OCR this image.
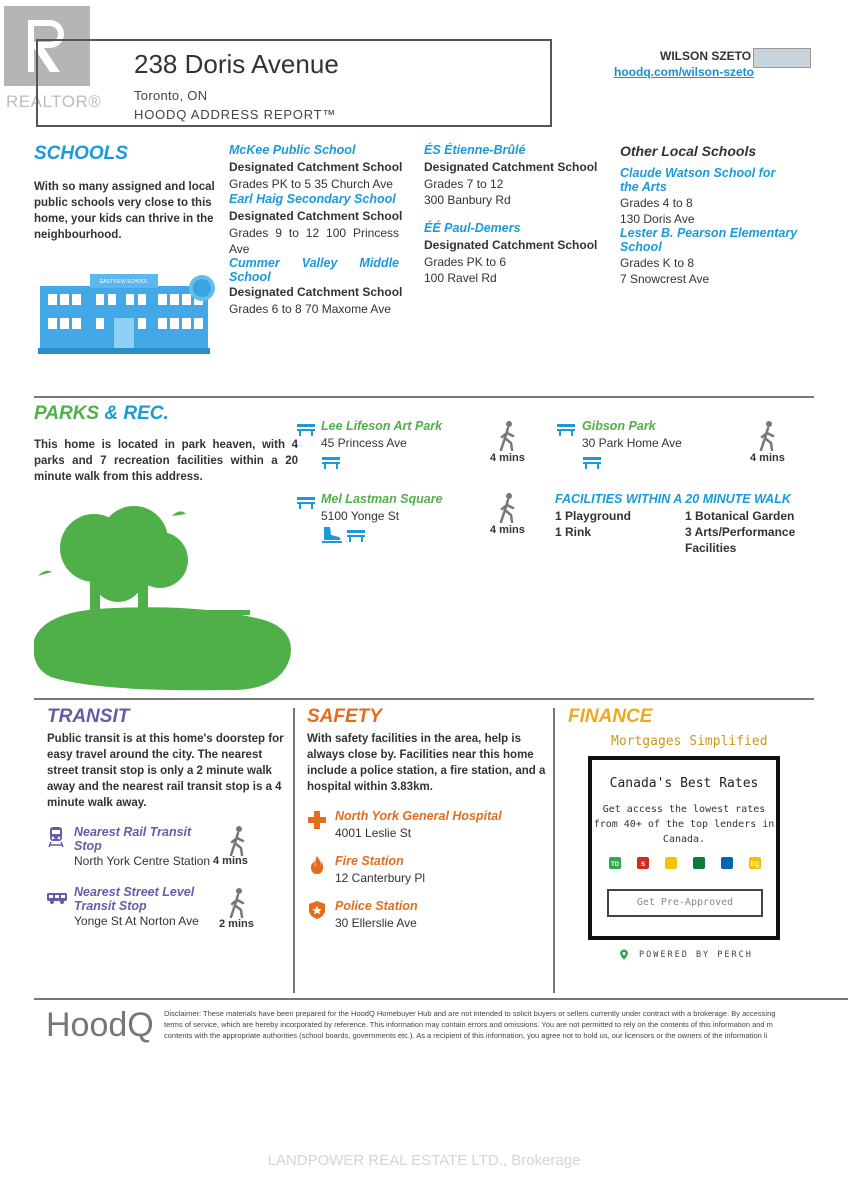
REALTOR®
238 Doris Avenue
Toronto, ON
HOODQ ADDRESS REPORT™
WILSON SZETO
hoodq.com/wilson-szeto
SCHOOLS
With so many assigned and local public schools very close to this home, your kids can thrive in the neighbourhood.
EASTVIEW SCHOOL
McKee Public School
Designated Catchment School
Grades PK to 5 35 Church Ave
Earl Haig Secondary School
Designated Catchment School
Grades 9 to 12 100 Princess Ave
Cummer Valley Middle School
Designated Catchment School
Grades 6 to 8 70 Maxome Ave
ÉS Étienne-Brûlé
Designated Catchment School
Grades 7 to 12
300 Banbury Rd
ÉÉ Paul-Demers
Designated Catchment School
Grades PK to 6
100 Ravel Rd
Other Local Schools
Claude Watson School for the Arts
Grades 4 to 8
130 Doris Ave
Lester B. Pearson Elementary School
Grades K to 8
7 Snowcrest Ave
PARKS & REC.
This home is located in park heaven, with 4 parks and 7 recreation facilities within a 20 minute walk from this address.
Lee Lifeson Art Park
45 Princess Ave
4 mins
Gibson Park
30 Park Home Ave
4 mins
Mel Lastman Square
5100 Yonge St
4 mins
FACILITIES WITHIN A 20 MINUTE WALK
1 Playground
1 Rink
1 Botanical Garden
3 Arts/Performance
Facilities
TRANSIT
Public transit is at this home's doorstep for easy travel around the city. The nearest street transit stop is only a 2 minute walk away and the nearest rail transit stop is a 4 minute walk away.
Nearest Rail Transit Stop
North York Centre Station 4 mins
Nearest Street Level Transit Stop
Yonge St At Norton Ave 2 mins
SAFETY
With safety facilities in the area, help is always close by. Facilities near this home include a police station, a fire station, and a hospital within 3.83km.
North York General Hospital
4001 Leslie St
Fire Station
12 Canterbury Pl
Police Station
30 Ellerslie Ave
FINANCE
Mortgages Simplified
Canada's Best Rates
Get access the lowest rates
from 40+ of the top lenders in
Canada.
TD	S	EQ
Get Pre-Approved
POWERED BY PERCH
HoodQ Disclaimer: These materials have been prepared for the HoodQ Homebuyer Hub and are not intended to solicit buyers or sellers currently under contract with a brokerage. By accessing
terms of service, which are hereby incorporated by reference. This information may contain errors and omissions. You are not permitted to rely on the contents of this information and m
contents with the appropriate authorities (school boards, governments etc.). As a recipient of this information, you agree not to hold us, our licensors or the owners of the information li
LANDPOWER REAL ESTATE LTD., Brokerage
